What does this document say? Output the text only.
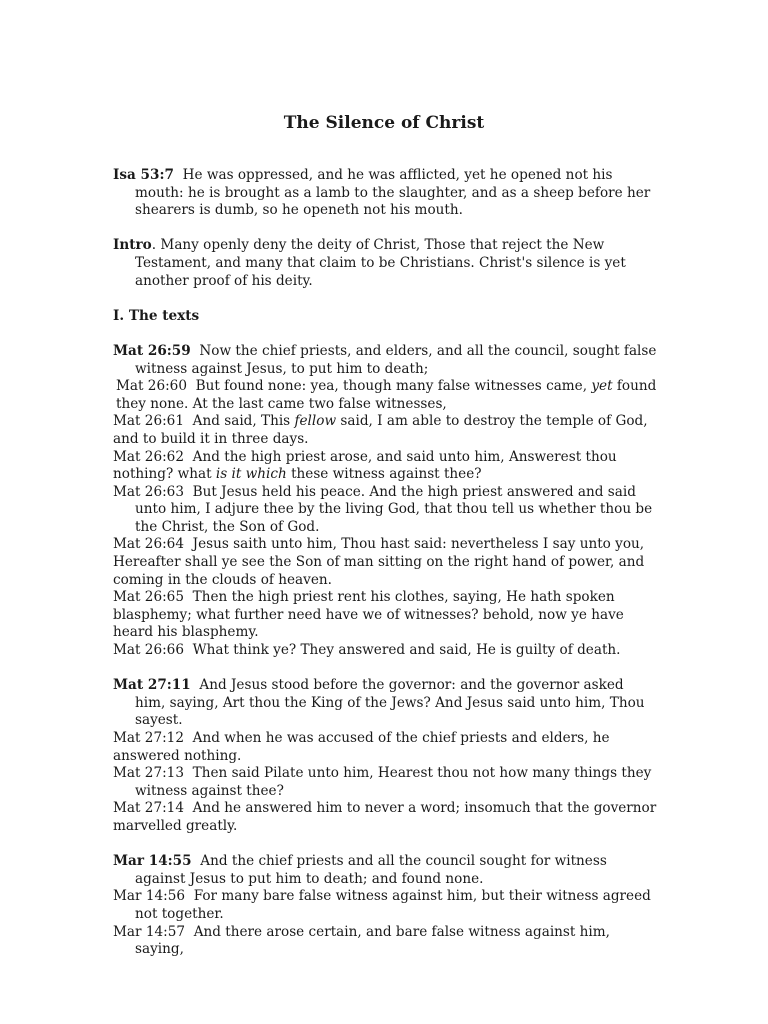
The Silence of Christ

Isa 53:7 He was oppressed, and he was afflicted, yet he opened not his mouth: he is brought as a lamb to the slaughter, and as a sheep before her shearers is dumb, so he openeth not his mouth.

Intro. Many openly deny the deity of Christ, Those that reject the New Testament, and many that claim to be Christians. Christ's silence is yet another proof of his deity.

I. The texts

Mat 26:59 Now the chief priests, and elders, and all the council, sought false witness against Jesus, to put him to death;

Mat 26:60 But found none: yea, though many false witnesses came, yet found they none. At the last came two false witnesses,

Mat 26:61 And said, This fellow said, I am able to destroy the temple of God, and to build it in three days.

Mat 26:62 And the high priest arose, and said unto him, Answerest thou nothing? what is it which these witness against thee?

Mat 26:63 But Jesus held his peace. And the high priest answered and said unto him, I adjure thee by the living God, that thou tell us whether thou be the Christ, the Son of God.

Mat 26:64 Jesus saith unto him, Thou hast said: nevertheless I say unto you, Hereafter shall ye see the Son of man sitting on the right hand of power, and coming in the clouds of heaven.

Mat 26:65 Then the high priest rent his clothes, saying, He hath spoken blasphemy; what further need have we of witnesses? behold, now ye have heard his blasphemy.

Mat 26:66 What think ye? They answered and said, He is guilty of death.

Mat 27:11 And Jesus stood before the governor: and the governor asked him, saying, Art thou the King of the Jews? And Jesus said unto him, Thou sayest.

Mat 27:12 And when he was accused of the chief priests and elders, he answered nothing.

Mat 27:13 Then said Pilate unto him, Hearest thou not how many things they witness against thee?

Mat 27:14 And he answered him to never a word; insomuch that the governor marvelled greatly.

Mar 14:55 And the chief priests and all the council sought for witness against Jesus to put him to death; and found none.

Mar 14:56 For many bare false witness against him, but their witness agreed not together.

Mar 14:57 And there arose certain, and bare false witness against him, saying,
